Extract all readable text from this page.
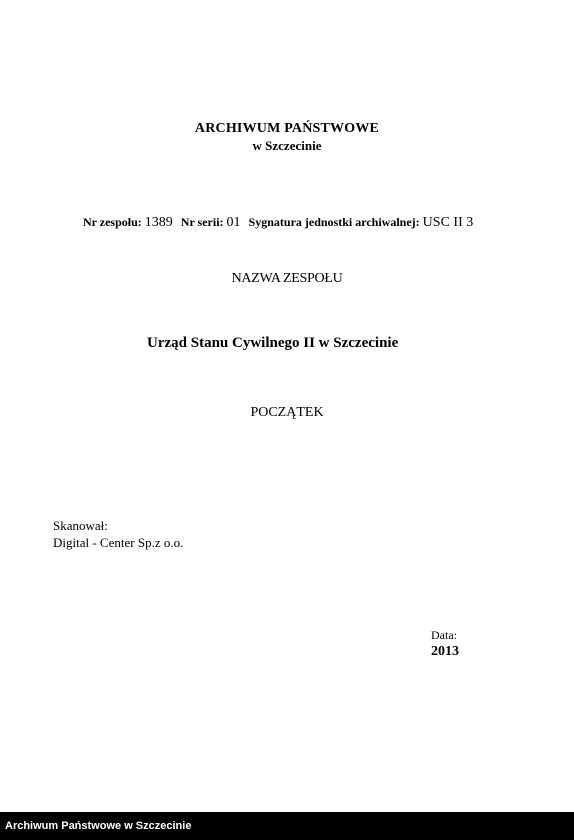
ARCHIWUM PAŃSTWOWE
w Szczecinie
Nr zespołu: 1389 Nr serii: 01 Sygnatura jednostki archiwalnej: USC II 3
NAZWA ZESPOŁU
Urząd Stanu Cywilnego II w Szczecinie
POCZĄTEK
Skanował:
Digital - Center Sp.z o.o.
Data:
2013
Archiwum Państwowe w Szczecinie
